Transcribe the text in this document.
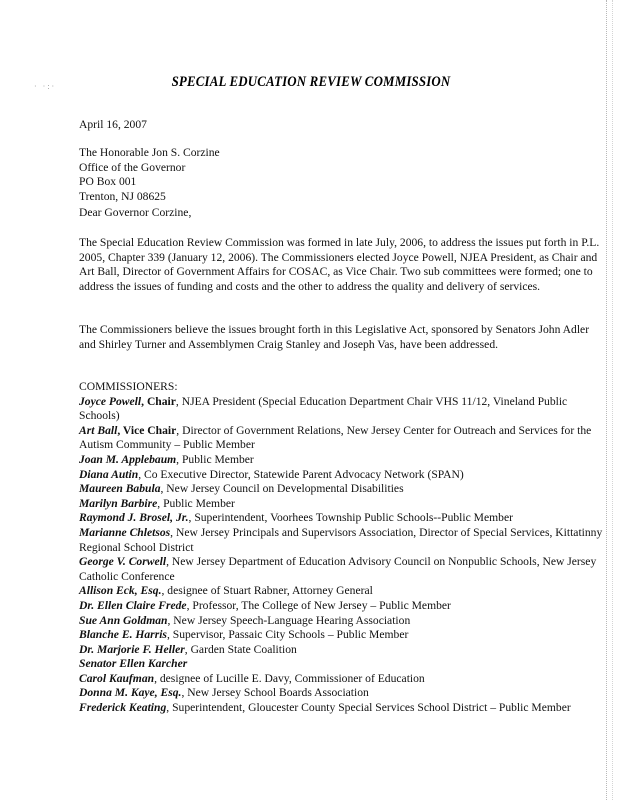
· ·:·	SPECIAL EDUCATION REVIEW COMMISSION
April 16, 2007

The Honorable Jon S. Corzine

Office of the Governor

PO Box 001

Trenton, NJ 08625

Dear Governor Corzine,
The Special Education Review Commission was formed in late July, 2006, to address the issues put forth in P.L. 2005, Chapter 339 (January 12, 2006). The Commissioners elected Joyce Powell, NJEA President, as Chair and Art Ball, Director of Government Affairs for COSAC, as Vice Chair. Two sub committees were formed; one to address the issues of funding and costs and the other to address the quality and delivery of services.
The Commissioners believe the issues brought forth in this Legislative Act, sponsored by Senators John Adler and Shirley Turner and Assemblymen Craig Stanley and Joseph Vas, have been addressed.

COMMISSIONERS:

Joyce Powell, Chair, NJEA President (Special Education Department Chair VHS 11/12, Vineland Public Schools)

Art Ball, Vice Chair, Director of Government Relations, New Jersey Center for Outreach and Services for the Autism Community – Public Member

Joan M. Applebaum, Public Member

Diana Autin, Co Executive Director, Statewide Parent Advocacy Network (SPAN)

Maureen Babula, New Jersey Council on Developmental Disabilities

Marilyn Barbire, Public Member

Raymond J. Brosel, Jr., Superintendent, Voorhees Township Public Schools--Public Member

Marianne Chletsos, New Jersey Principals and Supervisors Association, Director of Special Services, Kittatinny Regional School District

George V. Corwell, New Jersey Department of Education Advisory Council on Nonpublic Schools, New Jersey Catholic Conference

Allison Eck, Esq., designee of Stuart Rabner, Attorney General

Dr. Ellen Claire Frede, Professor, The College of New Jersey – Public Member

Sue Ann Goldman, New Jersey Speech-Language Hearing Association

Blanche E. Harris, Supervisor, Passaic City Schools – Public Member

Dr. Marjorie F. Heller, Garden State Coalition

Senator Ellen Karcher

Carol Kaufman, designee of Lucille E. Davy, Commissioner of Education

Donna M. Kaye, Esq., New Jersey School Boards Association

Frederick Keating, Superintendent, Gloucester County Special Services School District – Public Member
